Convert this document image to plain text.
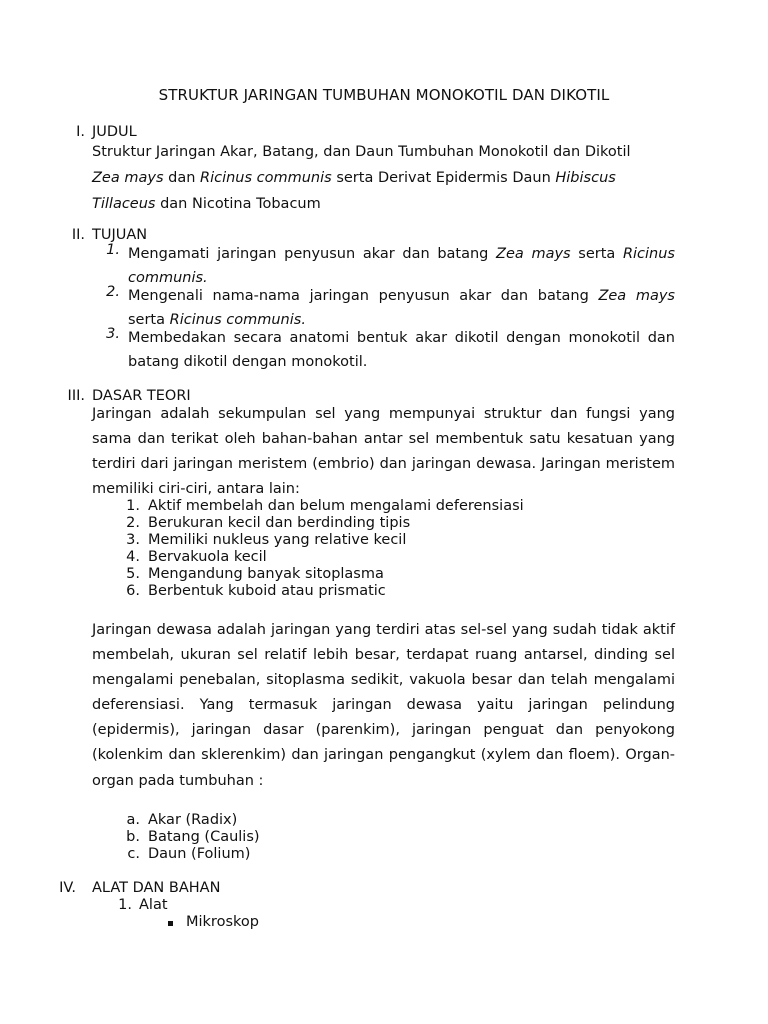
STRUKTUR JARINGAN TUMBUHAN MONOKOTIL DAN DIKOTIL
I. JUDUL
Struktur Jaringan Akar, Batang, dan Daun Tumbuhan Monokotil dan Dikotil
Zea mays dan Ricinus communis serta Derivat Epidermis Daun Hibiscus
Tillaceus dan Nicotina Tobacum
II. TUJUAN
1. Mengamati jaringan penyusun akar dan batang Zea mays serta Ricinus communis.
2. Mengenali nama-nama jaringan penyusun akar dan batang Zea mays serta Ricinus communis.
3. Membedakan secara anatomi bentuk akar dikotil dengan monokotil dan batang dikotil dengan monokotil.
III. DASAR TEORI

Jaringan adalah sekumpulan sel yang mempunyai struktur dan fungsi yang sama dan terikat oleh bahan-bahan antar sel membentuk satu kesatuan yang terdiri dari jaringan meristem (embrio) dan jaringan dewasa. Jaringan meristem memiliki ciri-ciri, antara lain:

1. Aktif membelah dan belum mengalami deferensiasi
2. Berukuran kecil dan berdinding tipis
3. Memiliki nukleus yang relative kecil
4. Bervakuola kecil
5. Mengandung banyak sitoplasma
6. Berbentuk kuboid atau prismatic

Jaringan dewasa adalah jaringan yang terdiri atas sel-sel yang sudah tidak aktif membelah, ukuran sel relatif lebih besar, terdapat ruang antarsel, dinding sel mengalami penebalan, sitoplasma sedikit, vakuola besar dan telah mengalami deferensiasi. Yang termasuk jaringan dewasa yaitu jaringan pelindung (epidermis), jaringan dasar (parenkim), jaringan penguat dan penyokong (kolenkim dan sklerenkim) dan jaringan pengangkut (xylem dan floem). Organ-organ pada tumbuhan :

a. Akar (Radix)
b. Batang (Caulis)
c. Daun (Folium)
IV. ALAT DAN BAHAN
1. Alat
Mikroskop
